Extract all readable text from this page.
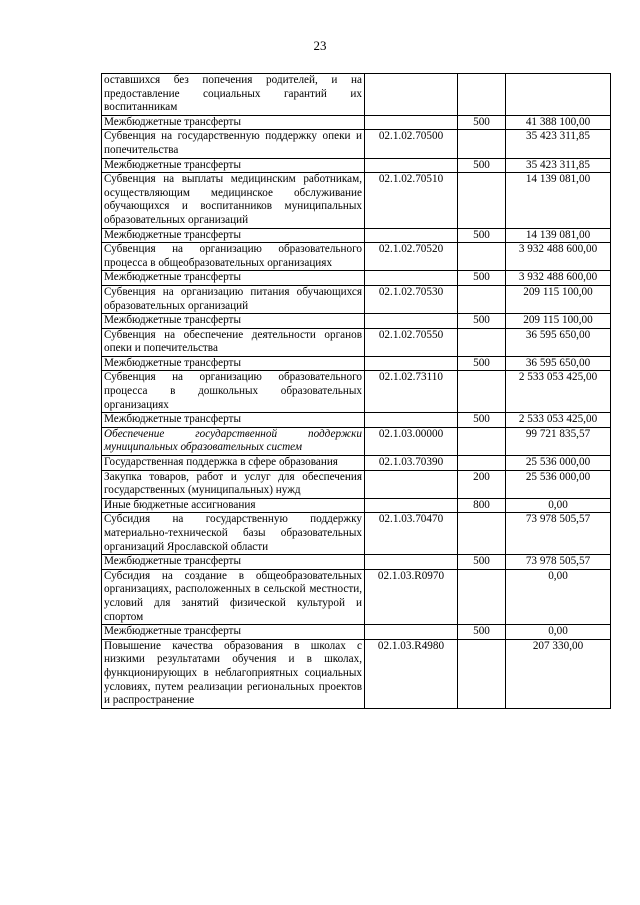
23
оставшихся без попечения родителей, и на предоставление социальных гарантий их воспитанникам			
Межбюджетные трансферты		500	41 388 100,00
Субвенция на государственную поддержку опеки и попечительства	02.1.02.70500		35 423 311,85
Межбюджетные трансферты		500	35 423 311,85
Субвенция на выплаты медицинским работникам, осуществляющим медицинское обслуживание обучающихся и воспитанников муниципальных образовательных организаций	02.1.02.70510		14 139 081,00
Межбюджетные трансферты		500	14 139 081,00
Субвенция на организацию образовательного процесса в общеобразовательных организациях	02.1.02.70520		3 932 488 600,00
Межбюджетные трансферты		500	3 932 488 600,00
Субвенция на организацию питания обучающихся образовательных организаций	02.1.02.70530		209 115 100,00
Межбюджетные трансферты		500	209 115 100,00
Субвенция на обеспечение деятельности органов опеки и попечительства	02.1.02.70550		36 595 650,00
Межбюджетные трансферты		500	36 595 650,00
Субвенция на организацию образовательного процесса в дошкольных образовательных организациях	02.1.02.73110		2 533 053 425,00
Межбюджетные трансферты		500	2 533 053 425,00
Обеспечение государственной поддержки муниципальных образовательных систем	02.1.03.00000		99 721 835,57
Государственная поддержка в сфере образования	02.1.03.70390		25 536 000,00
Закупка товаров, работ и услуг для обеспечения государственных (муниципальных) нужд		200	25 536 000,00
Иные бюджетные ассигнования		800	0,00
Субсидия на государственную поддержку материально-технической базы образовательных организаций Ярославской области	02.1.03.70470		73 978 505,57
Межбюджетные трансферты		500	73 978 505,57
Субсидия на создание в общеобразовательных организациях, расположенных в сельской местности, условий для занятий физической культурой и спортом	02.1.03.R0970		0,00
Межбюджетные трансферты		500	0,00
Повышение качества образования в школах с низкими результатами обучения и в школах, функционирующих в неблагоприятных социальных условиях, путем реализации региональных проектов и распространение	02.1.03.R4980		207 330,00
